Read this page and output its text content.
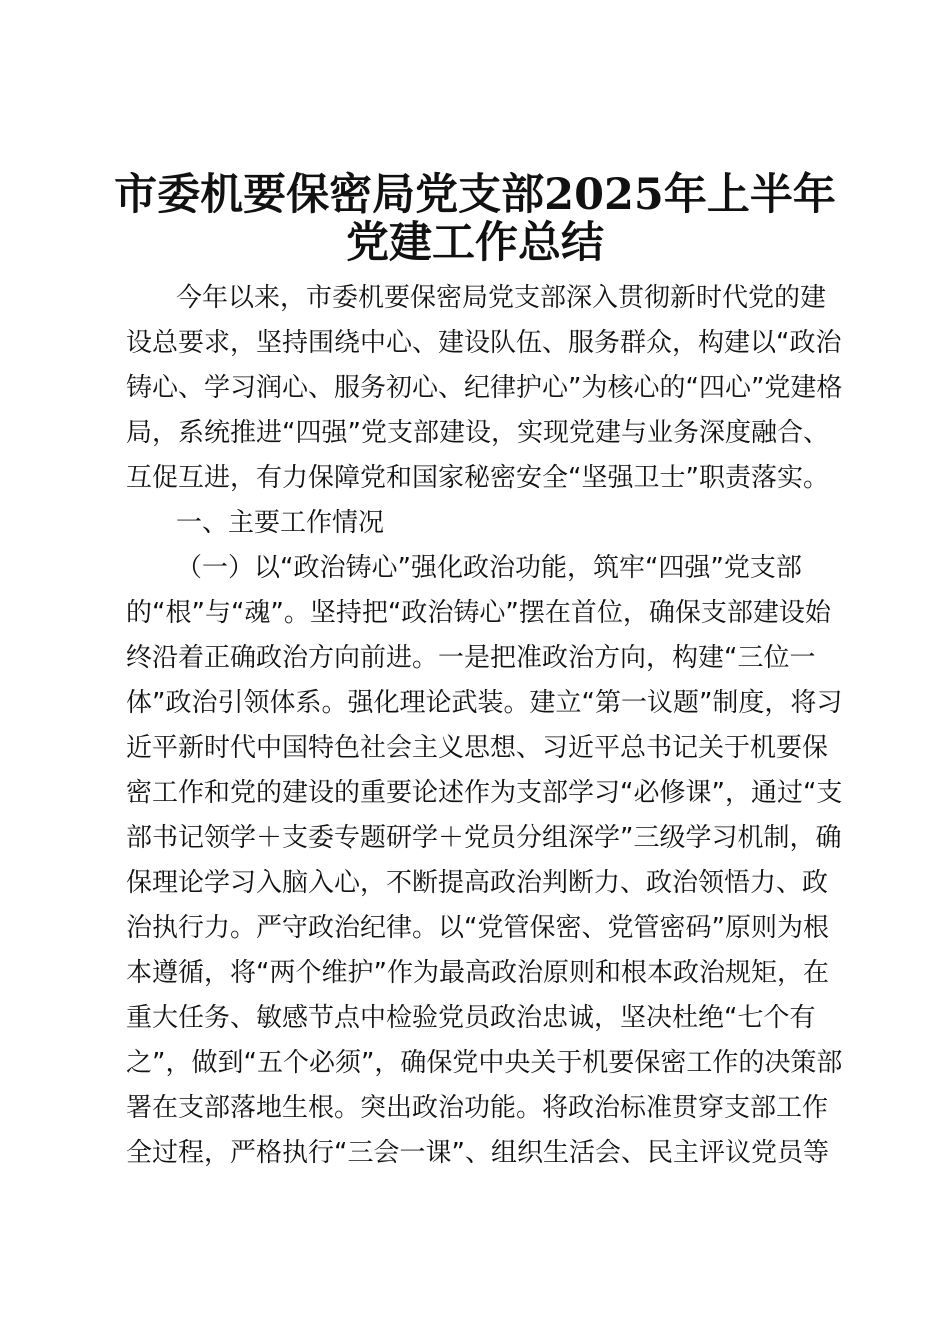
市委机要保密局党支部2025年上半年
党建工作总结

今年以来，市委机要保密局党支部深入贯彻新时代党的建

设总要求，坚持围绕中心、建设队伍、服务群众，构建以“政治

铸心、学习润心、服务初心、纪律护心”为核心的“四心”党建格

局，系统推进“四强”党支部建设，实现党建与业务深度融合、

互促互进，有力保障党和国家秘密安全“坚强卫士”职责落实。

一、主要工作情况

（一）以“政治铸心”强化政治功能，筑牢“四强”党支部

的“根”与“魂”。坚持把“政治铸心”摆在首位，确保支部建设始

终沿着正确政治方向前进。一是把准政治方向，构建“三位一

体”政治引领体系。强化理论武装。建立“第一议题”制度，将习

近平新时代中国特色社会主义思想、习近平总书记关于机要保

密工作和党的建设的重要论述作为支部学习“必修课”，通过“支

部书记领学＋支委专题研学＋党员分组深学”三级学习机制，确

保理论学习入脑入心，不断提高政治判断力、政治领悟力、政

治执行力。严守政治纪律。以“党管保密、党管密码”原则为根

本遵循，将“两个维护”作为最高政治原则和根本政治规矩，在

重大任务、敏感节点中检验党员政治忠诚，坚决杜绝“七个有

之”，做到“五个必须”，确保党中央关于机要保密工作的决策部

署在支部落地生根。突出政治功能。将政治标准贯穿支部工作

全过程，严格执行“三会一课”、组织生活会、民主评议党员等
